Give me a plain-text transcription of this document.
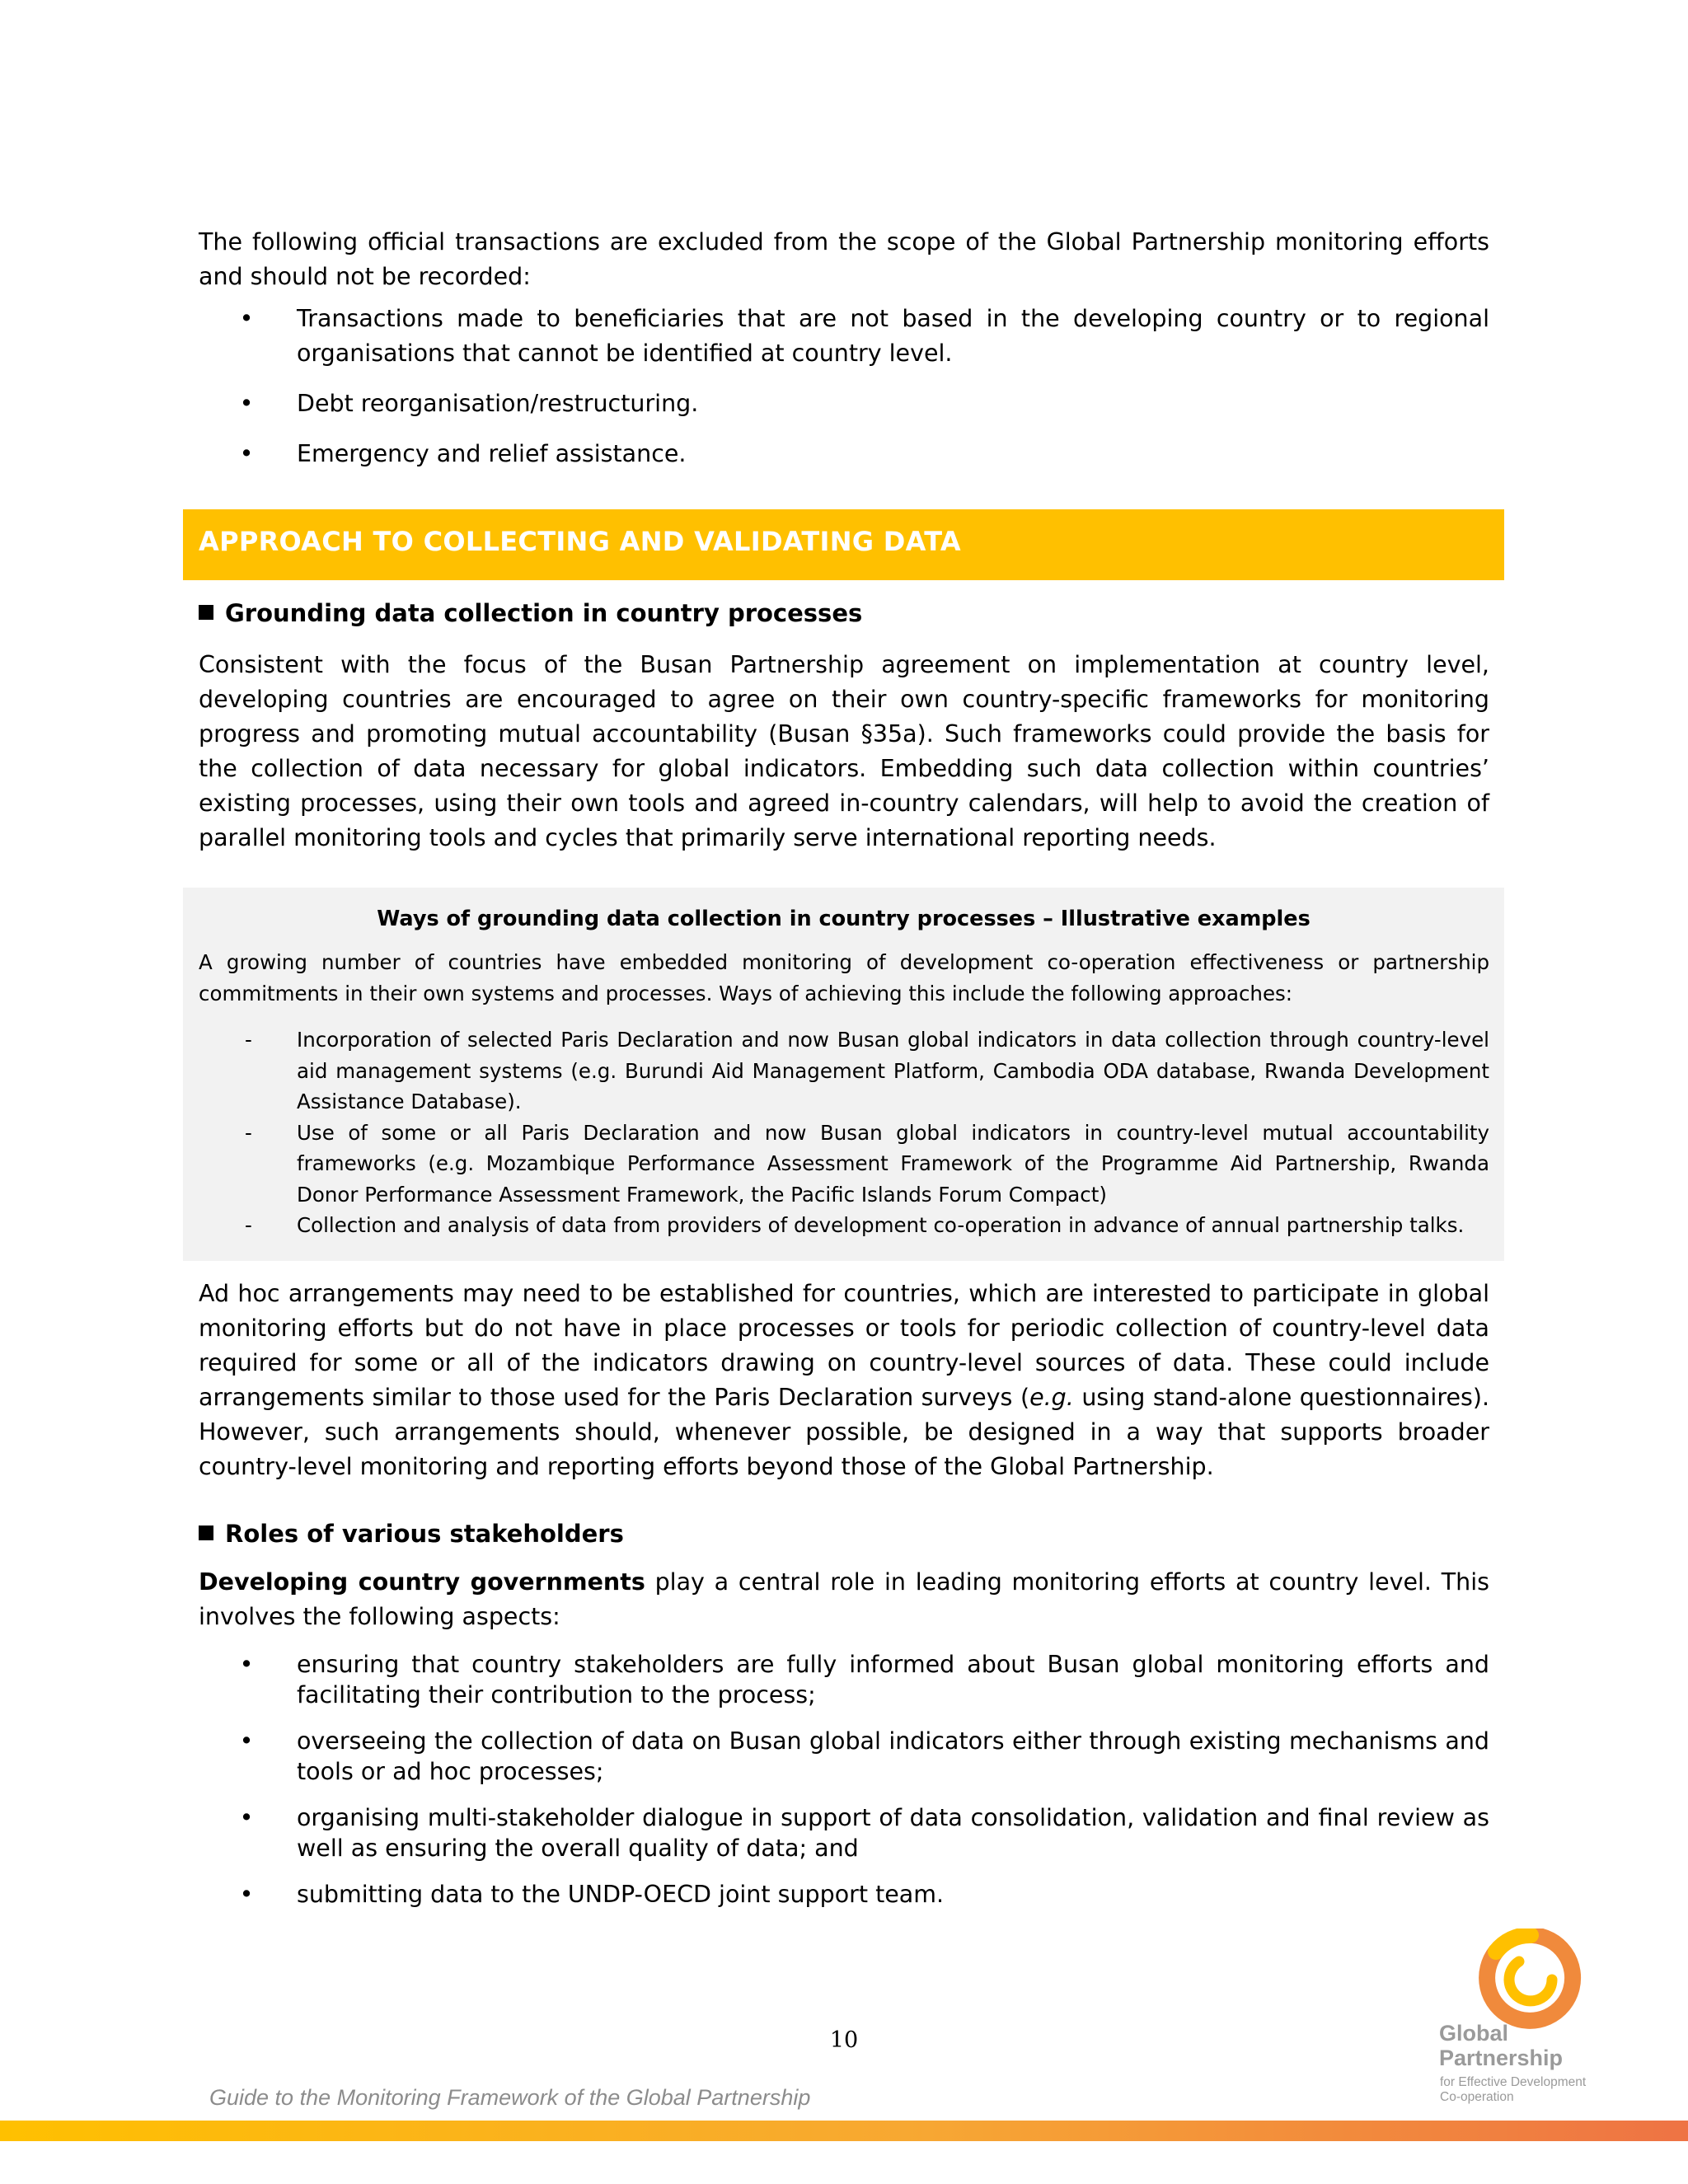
The following official transactions are excluded from the scope of the Global Partnership monitoring efforts and should not be recorded:

• Transactions made to beneficiaries that are not based in the developing country or to regional organisations that cannot be identified at country level.
• Debt reorganisation/restructuring.
• Emergency and relief assistance.
APPROACH TO COLLECTING AND VALIDATING DATA
Grounding data collection in country processes

Consistent with the focus of the Busan Partnership agreement on implementation at country level, developing countries are encouraged to agree on their own country-specific frameworks for monitoring progress and promoting mutual accountability (Busan §35a). Such frameworks could provide the basis for the collection of data necessary for global indicators. Embedding such data collection within countries’ existing processes, using their own tools and agreed in-country calendars, will help to avoid the creation of parallel monitoring tools and cycles that primarily serve international reporting needs.

Ways of grounding data collection in country processes – Illustrative examples

A growing number of countries have embedded monitoring of development co-operation effectiveness or partnership commitments in their own systems and processes. Ways of achieving this include the following approaches:

- Incorporation of selected Paris Declaration and now Busan global indicators in data collection through country-level aid management systems (e.g. Burundi Aid Management Platform, Cambodia ODA database, Rwanda Development Assistance Database).
- Use of some or all Paris Declaration and now Busan global indicators in country-level mutual accountability frameworks (e.g. Mozambique Performance Assessment Framework of the Programme Aid Partnership, Rwanda Donor Performance Assessment Framework, the Pacific Islands Forum Compact)
- Collection and analysis of data from providers of development co-operation in advance of annual partnership talks.

Ad hoc arrangements may need to be established for countries, which are interested to participate in global monitoring efforts but do not have in place processes or tools for periodic collection of country-level data required for some or all of the indicators drawing on country-level sources of data. These could include arrangements similar to those used for the Paris Declaration surveys (e.g. using stand-alone questionnaires). However, such arrangements should, whenever possible, be designed in a way that supports broader country-level monitoring and reporting efforts beyond those of the Global Partnership.

Roles of various stakeholders

Developing country governments play a central role in leading monitoring efforts at country level. This involves the following aspects:

• ensuring that country stakeholders are fully informed about Busan global monitoring efforts and facilitating their contribution to the process;
• overseeing the collection of data on Busan global indicators either through existing mechanisms and tools or ad hoc processes;
• organising multi-stakeholder dialogue in support of data consolidation, validation and final review as well as ensuring the overall quality of data; and
• submitting data to the UNDP-OECD joint support team.
10
Guide to the Monitoring Framework of the Global Partnership
Global
Partnership
for Effective Development
Co-operation
